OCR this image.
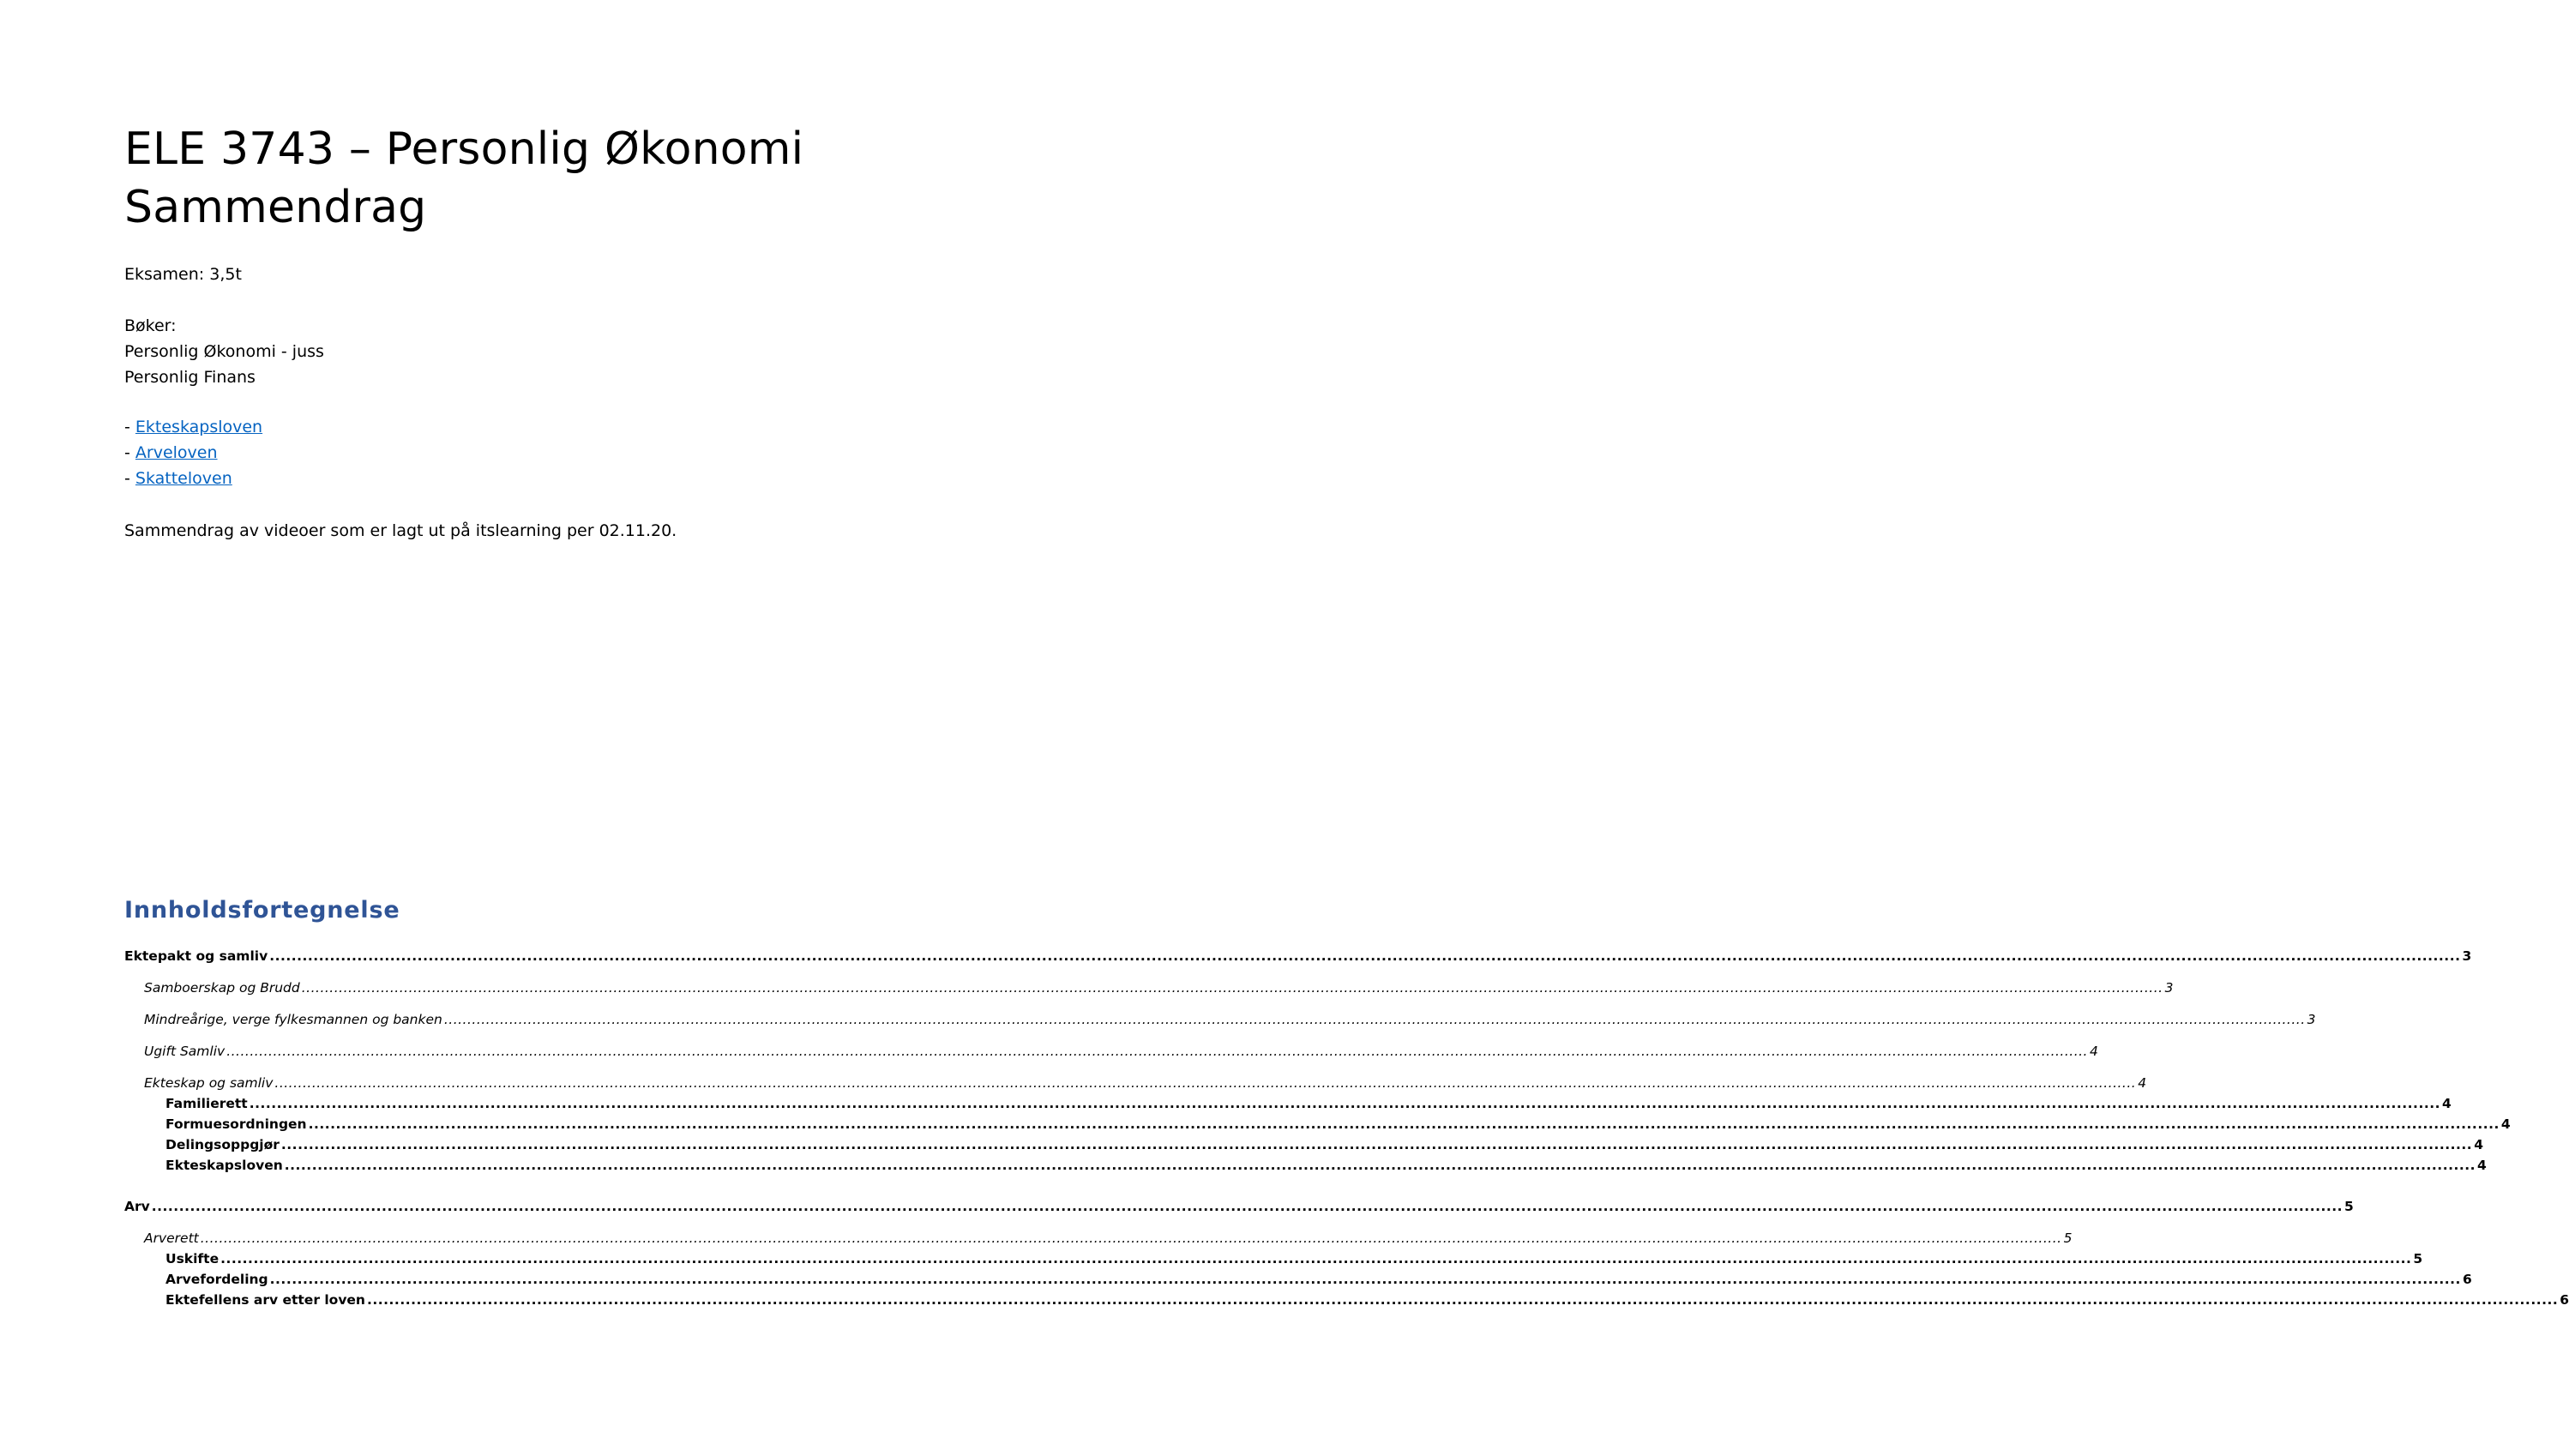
ELE 3743 – Personlig Økonomi
Sammendrag
Eksamen: 3,5t
Bøker:
Personlig Økonomi - juss
Personlig Finans
- Ekteskapsloven
- Arveloven
- Skatteloven
Sammendrag av videoer som er lagt ut på itslearning per 02.11.20.
Innholdsfortegnelse
Ektepakt og samliv ................................................................................................................................................................................................................................................................................................................................................................................................................ 3
Samboerskap og Brudd ................................................................................................................................................................................................................................................................................................................................................................................................................ 3
Mindreårige, verge fylkesmannen og banken ................................................................................................................................................................................................................................................................................................................................................................................................................ 3
Ugift Samliv ................................................................................................................................................................................................................................................................................................................................................................................................................ 4
Ekteskap og samliv ................................................................................................................................................................................................................................................................................................................................................................................................................ 4
Familierett ................................................................................................................................................................................................................................................................................................................................................................................................................ 4
Formuesordningen ................................................................................................................................................................................................................................................................................................................................................................................................................ 4
Delingsoppgjør ................................................................................................................................................................................................................................................................................................................................................................................................................ 4
Ekteskapsloven ................................................................................................................................................................................................................................................................................................................................................................................................................ 4
Arv ................................................................................................................................................................................................................................................................................................................................................................................................................ 5
Arverett ................................................................................................................................................................................................................................................................................................................................................................................................................ 5
Uskifte ................................................................................................................................................................................................................................................................................................................................................................................................................ 5
Arvefordeling ................................................................................................................................................................................................................................................................................................................................................................................................................ 6
Ektefellens arv etter loven ................................................................................................................................................................................................................................................................................................................................................................................................................ 6
